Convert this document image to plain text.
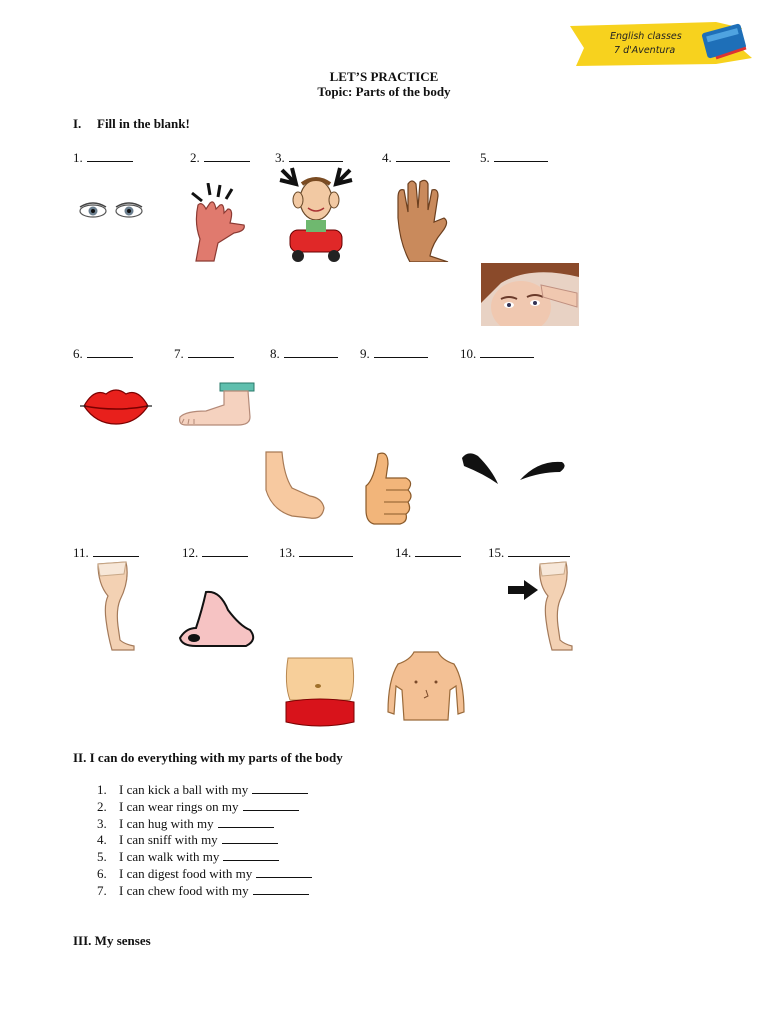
English classes
7 d'Aventura
LET’S PRACTICE
Topic: Parts of the body
I. Fill in the blank!
1.	2.	3.	4.	5.
6.	7.	8.	9.	10.
11.	12.	13.	14.	15.
II. I can do everything with my parts of the body
1. I can kick a ball with my
2. I can wear rings on my
3. I can hug with my
4. I can sniff with my
5. I can walk with my
6. I can digest food with my
7. I can chew food with my
III. My senses
